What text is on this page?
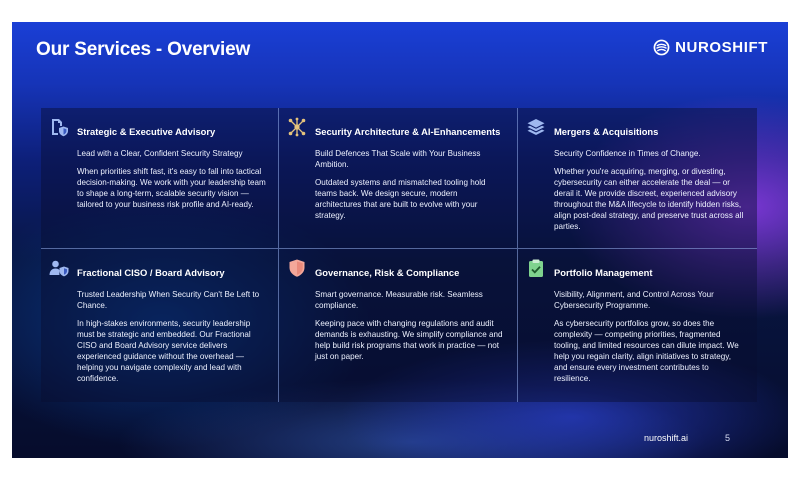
Our Services - Overview	NUROSHIFT
Strategic & Executive Advisory

Lead with a Clear, Confident Security Strategy

When priorities shift fast, it's easy to fall into tactical decision-making. We work with your leadership team to shape a long-term, scalable security vision — tailored to your business risk profile and AI-ready.

Security Architecture & AI-Enhancements

Build Defences That Scale with Your Business Ambition.

Outdated systems and mismatched tooling hold teams back. We design secure, modern architectures that are built to evolve with your strategy.

Mergers & Acquisitions

Security Confidence in Times of Change.

Whether you're acquiring, merging, or divesting, cybersecurity can either accelerate the deal — or derail it. We provide discreet, experienced advisory throughout the M&A lifecycle to identify hidden risks, align post-deal strategy, and preserve trust across all parties.

Fractional CISO / Board Advisory

Trusted Leadership When Security Can't Be Left to Chance.

In high-stakes environments, security leadership must be strategic and embedded. Our Fractional CISO and Board Advisory service delivers experienced guidance without the overhead — helping you navigate complexity and lead with confidence.

Governance, Risk & Compliance

Smart governance. Measurable risk. Seamless compliance.

Keeping pace with changing regulations and audit demands is exhausting. We simplify compliance and help build risk programs that work in practice — not just on paper.

Portfolio Management

Visibility, Alignment, and Control Across Your Cybersecurity Programme.

As cybersecurity portfolios grow, so does the complexity — competing priorities, fragmented tooling, and limited resources can dilute impact. We help you regain clarity, align initiatives to strategy, and ensure every investment contributes to resilience.

nuroshift.ai	5
